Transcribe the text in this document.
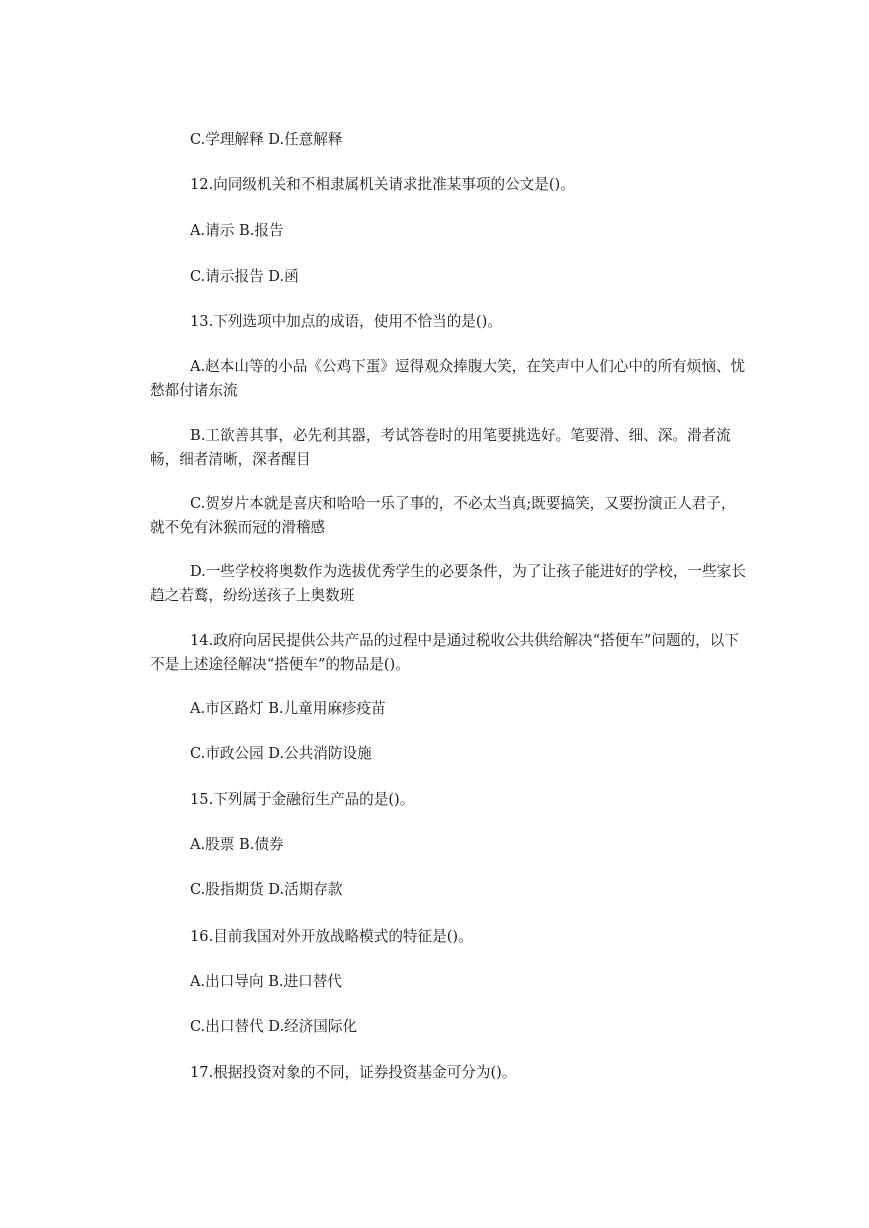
C.学理解释 D.任意解释

12.向同级机关和不相隶属机关请求批准某事项的公文是()。

A.请示 B.报告

C.请示报告 D.函

13.下列选项中加点的成语，使用不恰当的是()。

A.赵本山等的小品《公鸡下蛋》逗得观众捧腹大笑，在笑声中人们心中的所有烦恼、忧愁都付诸东流

B.工欲善其事，必先利其器，考试答卷时的用笔要挑选好。笔要滑、细、深。滑者流畅，细者清晰，深者醒目

C.贺岁片本就是喜庆和哈哈一乐了事的，不必太当真;既要搞笑，又要扮演正人君子，就不免有沐猴而冠的滑稽感

D.一些学校将奥数作为选拔优秀学生的必要条件，为了让孩子能进好的学校，一些家长趋之若鹜，纷纷送孩子上奥数班

14.政府向居民提供公共产品的过程中是通过税收公共供给解决“搭便车”问题的，以下不是上述途径解决“搭便车”的物品是()。

A.市区路灯 B.儿童用麻疹疫苗

C.市政公园 D.公共消防设施

15.下列属于金融衍生产品的是()。

A.股票 B.债券

C.股指期货 D.活期存款

16.目前我国对外开放战略模式的特征是()。

A.出口导向 B.进口替代

C.出口替代 D.经济国际化

17.根据投资对象的不同，证券投资基金可分为()。
